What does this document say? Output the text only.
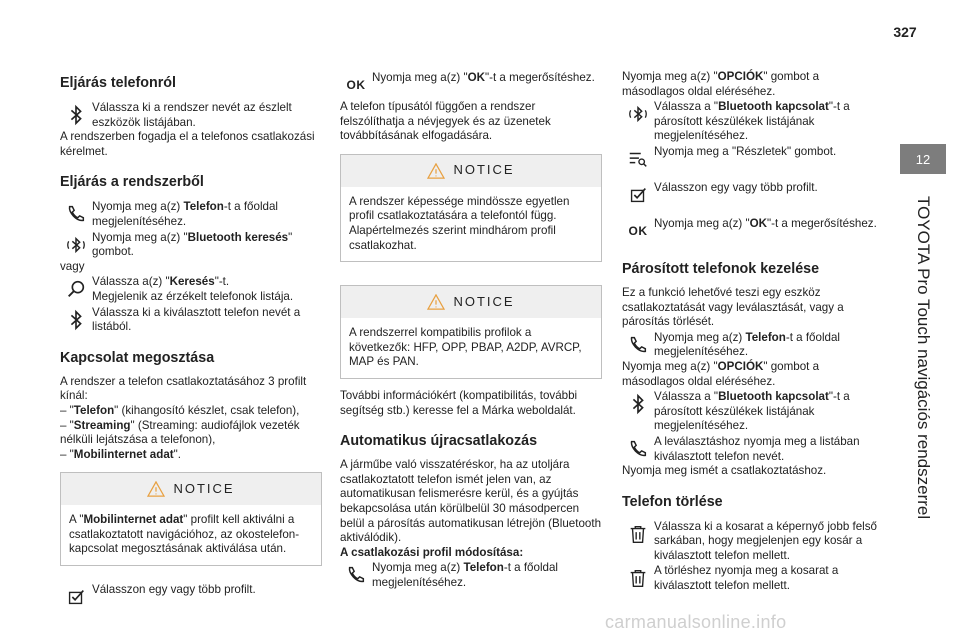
327
12
TOYOTA Pro Touch navigációs rendszerrel
Eljárás telefonról
Válassza ki a rendszer nevét az észlelt eszközök listájában.

A rendszerben fogadja el a telefonos csatlakozási kérelmet.

Eljárás a rendszerből
Nyomja meg a(z) Telefon-t a főoldal megjelenítéséhez.
Nyomja meg a(z) "Bluetooth keresés" gombot.

vagy

Válassza a(z) "Keresés"-t.
Megjelenik az érzékelt telefonok listája.
Válassza ki a kiválasztott telefon nevét a listából.
Kapcsolat megosztása

A rendszer a telefon csatlakoztatásához 3 profilt kínál:

– "Telefon" (kihangosító készlet, csak telefon),

– "Streaming" (Streaming: audiofájlok vezeték nélküli lejátszása a telefonon),

– "Mobilinternet adat".

NOTICE
A "Mobilinternet adat" profilt kell aktiválni a csatlakoztatott navigációhoz, az okostelefon-kapcsolat megosztásának aktiválása után.
Válasszon egy vagy több profilt.
OK
Nyomja meg a(z) "OK"-t a megerősítéshez.

A telefon típusától függően a rendszer felszólíthatja a névjegyek és az üzenetek továbbításának elfogadására.

NOTICE
A rendszer képessége mindössze egyetlen profil csatlakoztatására a telefontól függ. Alapértelmezés szerint mindhárom profil csatlakozhat.
NOTICE
A rendszerrel kompatibilis profilok a következők: HFP, OPP, PBAP, A2DP, AVRCP, MAP és PAN.

További információkért (kompatibilitás, további segítség stb.) keresse fel a Márka weboldalát.

Automatikus újracsatlakozás

A járműbe való visszatéréskor, ha az utoljára csatlakoztatott telefon ismét jelen van, az automatikusan felismerésre kerül, és a gyújtás bekapcsolása után körülbelül 30 másodpercen belül a párosítás automatikusan létrejön (Bluetooth aktiválódik).

A csatlakozási profil módosítása:

Nyomja meg a(z) Telefon-t a főoldal megjelenítéséhez.

Nyomja meg a(z) "OPCIÓK" gombot a másodlagos oldal eléréséhez.

Válassza a "Bluetooth kapcsolat"-t a párosított készülékek listájának megjelenítéséhez.
Nyomja meg a "Részletek" gombot.
Válasszon egy vagy több profilt.
OK
Nyomja meg a(z) "OK"-t a megerősítéshez.
Párosított telefonok kezelése

Ez a funkció lehetővé teszi egy eszköz csatlakoztatását vagy leválasztását, vagy a párosítás törlését.

Nyomja meg a(z) Telefon-t a főoldal megjelenítéséhez.

Nyomja meg a(z) "OPCIÓK" gombot a másodlagos oldal eléréséhez.

Válassza a "Bluetooth kapcsolat"-t a párosított készülékek listájának megjelenítéséhez.
A leválasztáshoz nyomja meg a listában kiválasztott telefon nevét.

Nyomja meg ismét a csatlakoztatáshoz.

Telefon törlése
Válassza ki a kosarat a képernyő jobb felső sarkában, hogy megjelenjen egy kosár a kiválasztott telefon mellett.
A törléshez nyomja meg a kosarat a kiválasztott telefon mellett.
carmanualsonline.info
